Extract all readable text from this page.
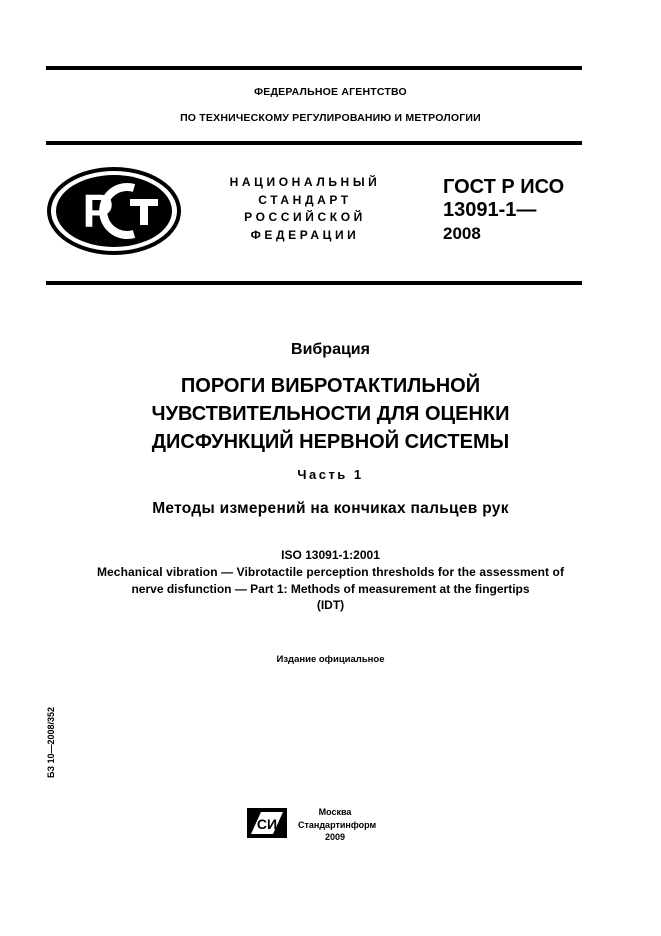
ФЕДЕРАЛЬНОЕ АГЕНТСТВО
ПО ТЕХНИЧЕСКОМУ РЕГУЛИРОВАНИЮ И МЕТРОЛОГИИ
Р
НАЦИОНАЛЬНЫЙ
СТАНДАРТ
РОССИЙСКОЙ
ФЕДЕРАЦИИ
ГОСТ Р ИСО
13091-1—
2008
Вибрация
ПОРОГИ ВИБРОТАКТИЛЬНОЙ
ЧУВСТВИТЕЛЬНОСТИ ДЛЯ ОЦЕНКИ
ДИСФУНКЦИЙ НЕРВНОЙ СИСТЕМЫ
Часть 1
Методы измерений на кончиках пальцев рук
ISO 13091-1:2001
Mechanical vibration — Vibrotactile perception thresholds for the assessment of
nerve disfunction — Part 1: Methods of measurement at the fingertips
(IDT)
Издание официальное
БЗ 10—2008/352
СИ
Москва
Стандартинформ
2009
